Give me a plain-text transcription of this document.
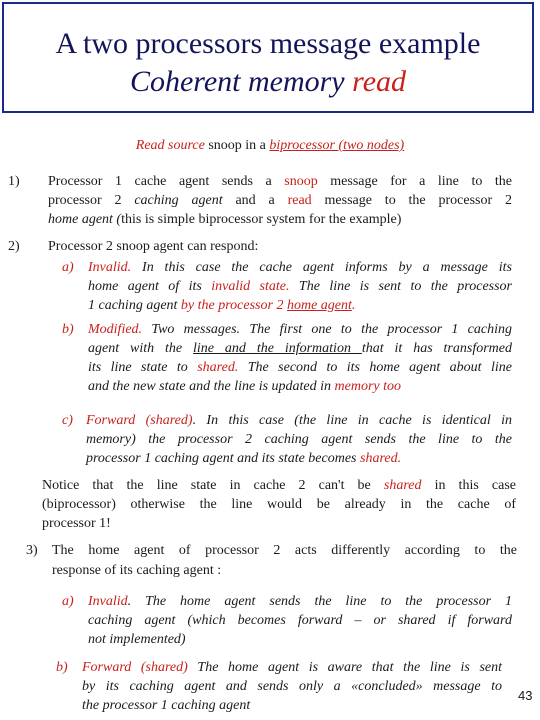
A two processors message example
Coherent memory read
Read source snoop in a biprocessor (two nodes)
1) Processor 1 cache agent sends a snoop message for a line to the
processor 2 caching agent and a read message to the processor 2
home agent (this is simple biprocessor system for the example)
2) Processor 2 snoop agent can respond:
a) Invalid. In this case the cache agent informs by a message its
home agent of its invalid state. The line is sent to the processor
1 caching agent by the processor 2 home agent.
b) Modified. Two messages. The first one to the processor 1 caching
agent with the line and the information that it has transformed
its line state to shared. The second to its home agent about line
and the new state and the line is updated in memory too
c) Forward (shared). In this case (the line in cache is identical in
memory) the processor 2 caching agent sends the line to the
processor 1 caching agent and its state becomes shared.
Notice that the line state in cache 2 can't be shared in this case
(biprocessor) otherwise the line would be already in the cache of
processor 1!
3) The home agent of processor 2 acts differently according to the
response of its caching agent :
a) Invalid. The home agent sends the line to the processor 1
caching agent (which becomes forward – or shared if forward
not implemented)
b) Forward (shared) The home agent is aware that the line is sent
by its caching agent and sends only a «concluded» message to
the processor 1 caching agent
43
